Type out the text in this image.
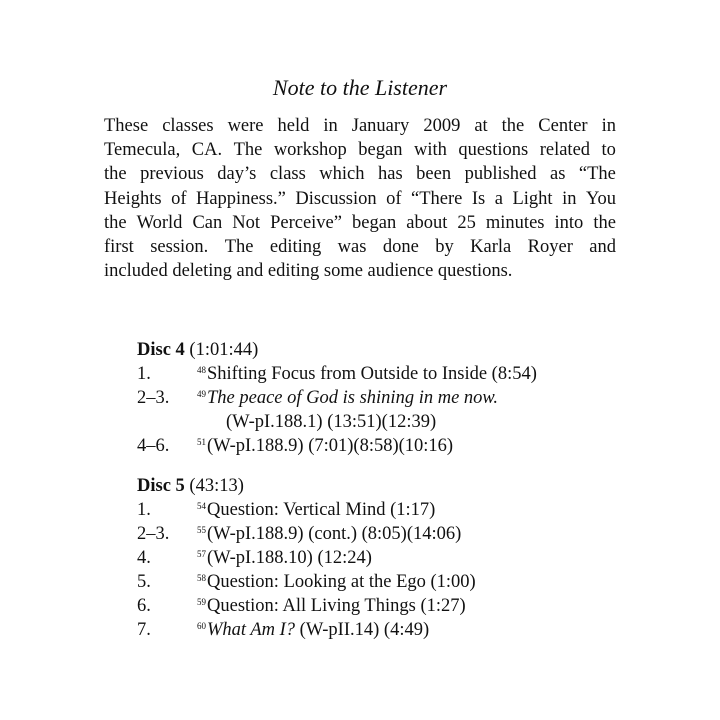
Note to the Listener
These classes were held in January 2009 at the Center in
Temecula, CA. The workshop began with questions related to
the previous day’s class which has been published as “The
Heights of Happiness.” Discussion of “There Is a Light in You
the World Can Not Perceive” began about 25 minutes into the
first session. The editing was done by Karla Royer and
included deleting and editing some audience questions.
Disc 4 (1:01:44)
1.	$^{48}$Shifting Focus from Outside to Inside (8:54)
2–3.	$^{49}$The peace of God is shining in me now.
(W-pI.188.1) (13:51)(12:39)
4–6.	$^{51}$(W-pI.188.9) (7:01)(8:58)(10:16)
Disc 5 (43:13)
1.	$^{54}$Question: Vertical Mind (1:17)
2–3.	$^{55}$(W-pI.188.9) (cont.) (8:05)(14:06)
4.	$^{57}$(W-pI.188.10) (12:24)
5.	$^{58}$Question: Looking at the Ego (1:00)
6.	$^{59}$Question: All Living Things (1:27)
7.	$^{60}$What Am I? (W-pII.14) (4:49)
